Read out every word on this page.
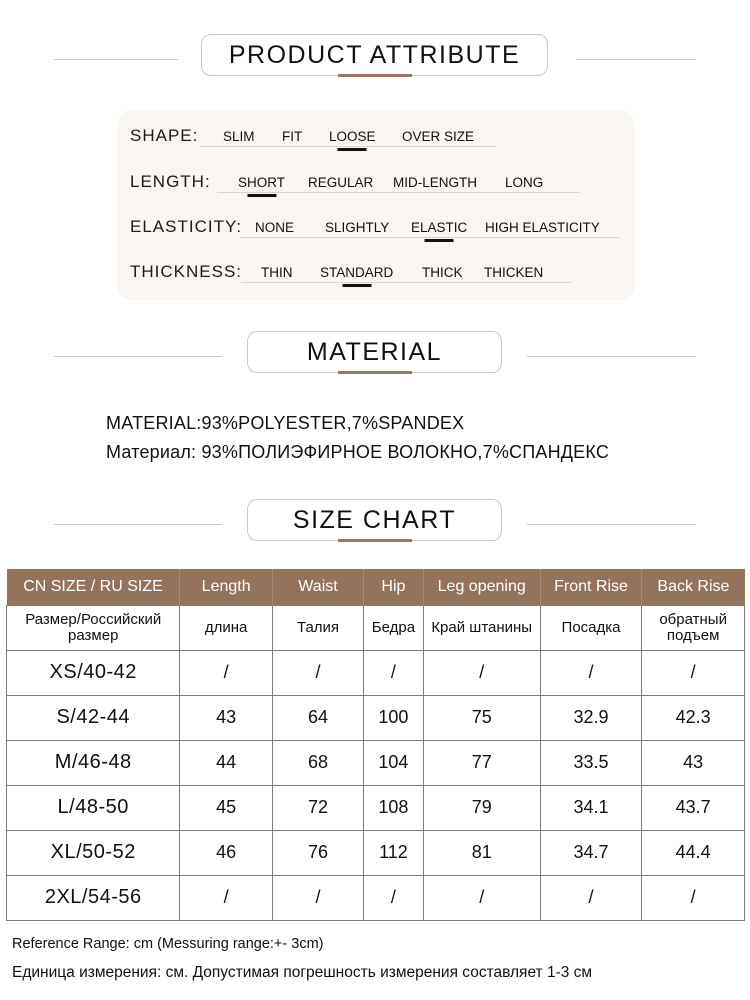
PRODUCT ATTRIBUTE
SHAPE: SLIM FIT LOOSE OVER SIZE
LENGTH: SHORT REGULAR MID-LENGTH LONG
ELASTICITY: NONE SLIGHTLY ELASTIC HIGH ELASTICITY
THICKNESS: THIN STANDARD THICK THICKEN
MATERIAL
MATERIAL:93%POLYESTER,7%SPANDEX
Материал: 93%ПОЛИЭФИРНОЕ ВОЛОКНО,7%СПАНДЕКС
SIZE CHART
CN SIZE / RU SIZE	Length	Waist	Hip	Leg opening	Front Rise	Back Rise
Размер/Российский размер	длина	Талия	Бедра	Край штанины	Посадка	обратный подъем
XS/40-42	/	/	/	/	/	/
S/42-44	43	64	100	75	32.9	42.3
M/46-48	44	68	104	77	33.5	43
L/48-50	45	72	108	79	34.1	43.7
XL/50-52	46	76	112	81	34.7	44.4
2XL/54-56	/	/	/	/	/	/
Reference Range: cm (Messuring range:+- 3cm)
Единица измерения: см. Допустимая погрешность измерения составляет 1-3 см
